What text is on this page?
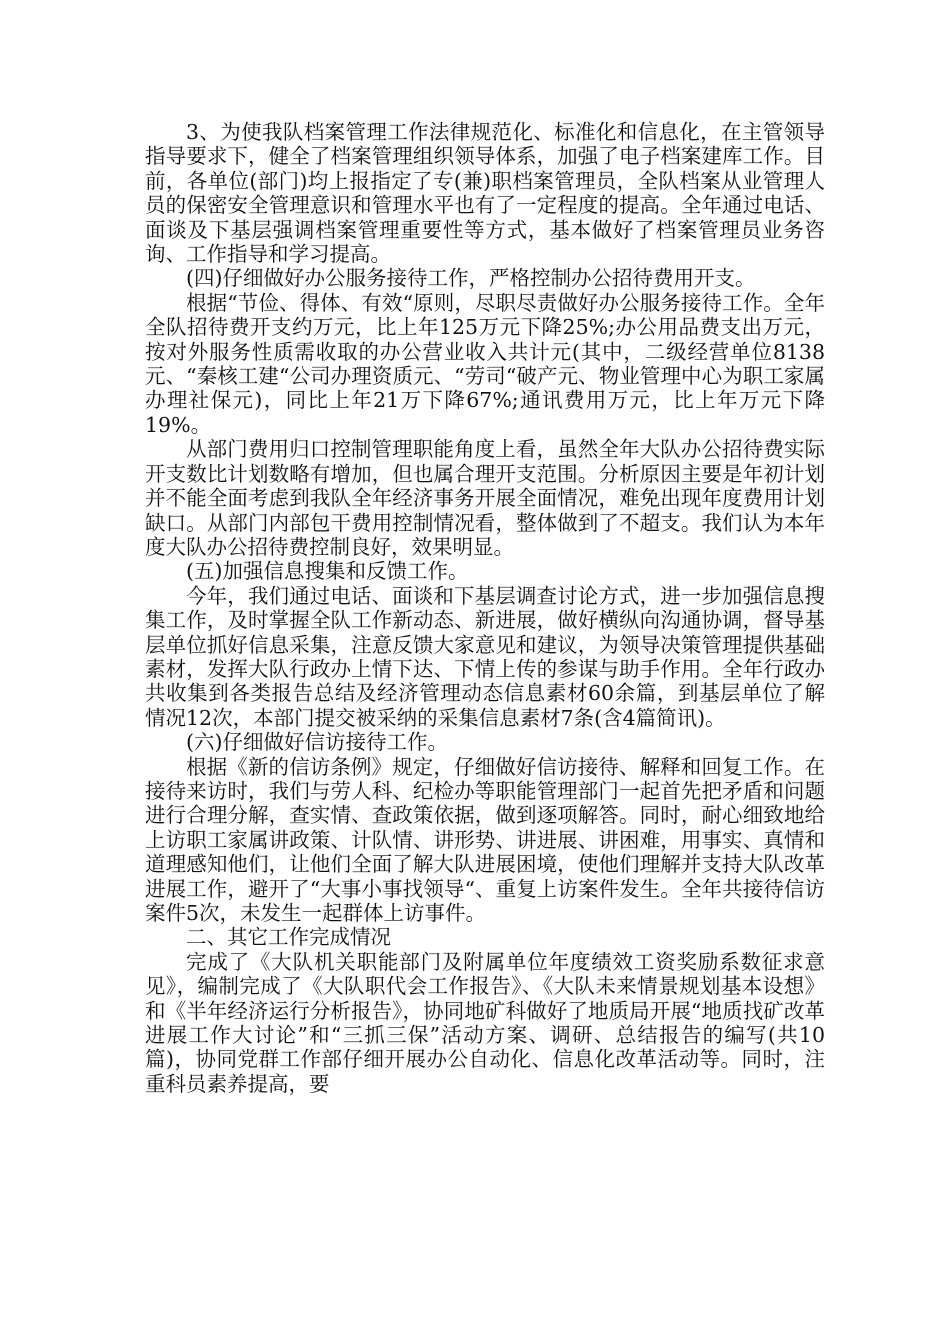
3、为使我队档案管理工作法律规范化、标准化和信息化，在主管领导指导要求下，健全了档案管理组织领导体系，加强了电子档案建库工作。目前，各单位(部门)均上报指定了专(兼)职档案管理员，全队档案从业管理人员的保密安全管理意识和管理水平也有了一定程度的提高。全年通过电话、面谈及下基层强调档案管理重要性等方式，基本做好了档案管理员业务咨询、工作指导和学习提高。

(四)仔细做好办公服务接待工作，严格控制办公招待费用开支。

根据“节俭、得体、有效“原则，尽职尽责做好办公服务接待工作。全年全队招待费开支约万元，比上年125万元下降25%;办公用品费支出万元，按对外服务性质需收取的办公营业收入共计元(其中，二级经营单位8138元、“秦核工建“公司办理资质元、“劳司“破产元、物业管理中心为职工家属办理社保元)，同比上年21万下降67%;通讯费用万元，比上年万元下降19%。

从部门费用归口控制管理职能角度上看，虽然全年大队办公招待费实际开支数比计划数略有增加，但也属合理开支范围。分析原因主要是年初计划并不能全面考虑到我队全年经济事务开展全面情况，难免出现年度费用计划缺口。从部门内部包干费用控制情况看，整体做到了不超支。我们认为本年度大队办公招待费控制良好，效果明显。

(五)加强信息搜集和反馈工作。

今年，我们通过电话、面谈和下基层调查讨论方式，进一步加强信息搜集工作，及时掌握全队工作新动态、新进展，做好横纵向沟通协调，督导基层单位抓好信息采集，注意反馈大家意见和建议，为领导决策管理提供基础素材，发挥大队行政办上情下达、下情上传的参谋与助手作用。全年行政办共收集到各类报告总结及经济管理动态信息素材60余篇，到基层单位了解情况12次，本部门提交被采纳的采集信息素材7条(含4篇简讯)。

(六)仔细做好信访接待工作。

根据《新的信访条例》规定，仔细做好信访接待、解释和回复工作。在接待来访时，我们与劳人科、纪检办等职能管理部门一起首先把矛盾和问题进行合理分解，查实情、查政策依据，做到逐项解答。同时，耐心细致地给上访职工家属讲政策、计队情、讲形势、讲进展、讲困难，用事实、真情和道理感知他们，让他们全面了解大队进展困境，使他们理解并支持大队改革进展工作，避开了“大事小事找领导“、重复上访案件发生。全年共接待信访案件5次，未发生一起群体上访事件。

二、其它工作完成情况

完成了《大队机关职能部门及附属单位年度绩效工资奖励系数征求意见》，编制完成了《大队职代会工作报告》、《大队未来情景规划基本设想》和《半年经济运行分析报告》，协同地矿科做好了地质局开展“地质找矿改革进展工作大讨论”和“三抓三保”活动方案、调研、总结报告的编写(共10篇)，协同党群工作部仔细开展办公自动化、信息化改革活动等。同时，注重科员素养提高，要
